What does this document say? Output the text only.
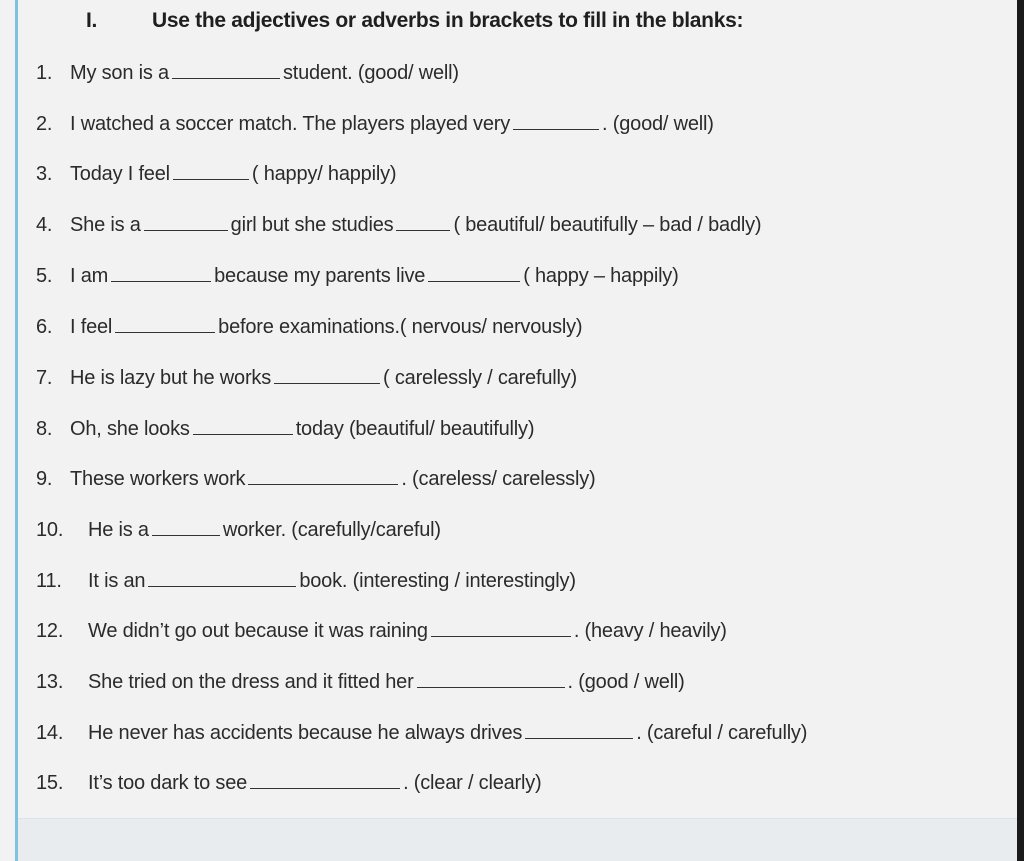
I.	Use the adjectives or adverbs in brackets to fill in the blanks:
1. My son is a	student. (good/ well)
2. I watched a soccer match. The players played very	. (good/ well)
3. Today I feel	( happy/ happily)
4. She is a	girl but she studies	( beautiful/ beautifully – bad / badly)
5. I am	because my parents live	( happy – happily)
6. I feel	before examinations.( nervous/ nervously)
7. He is lazy but he works	( carelessly / carefully)
8. Oh, she looks	today (beautiful/ beautifully)
9. These workers work	. (careless/ carelessly)
10. He is a	worker. (carefully/careful)
11. It is an	book. (interesting / interestingly)
12. We didn’t go out because it was raining	. (heavy / heavily)
13. She tried on the dress and it fitted her	. (good / well)
14. He never has accidents because he always drives	. (careful / carefully)
15. It’s too dark to see	. (clear / clearly)
